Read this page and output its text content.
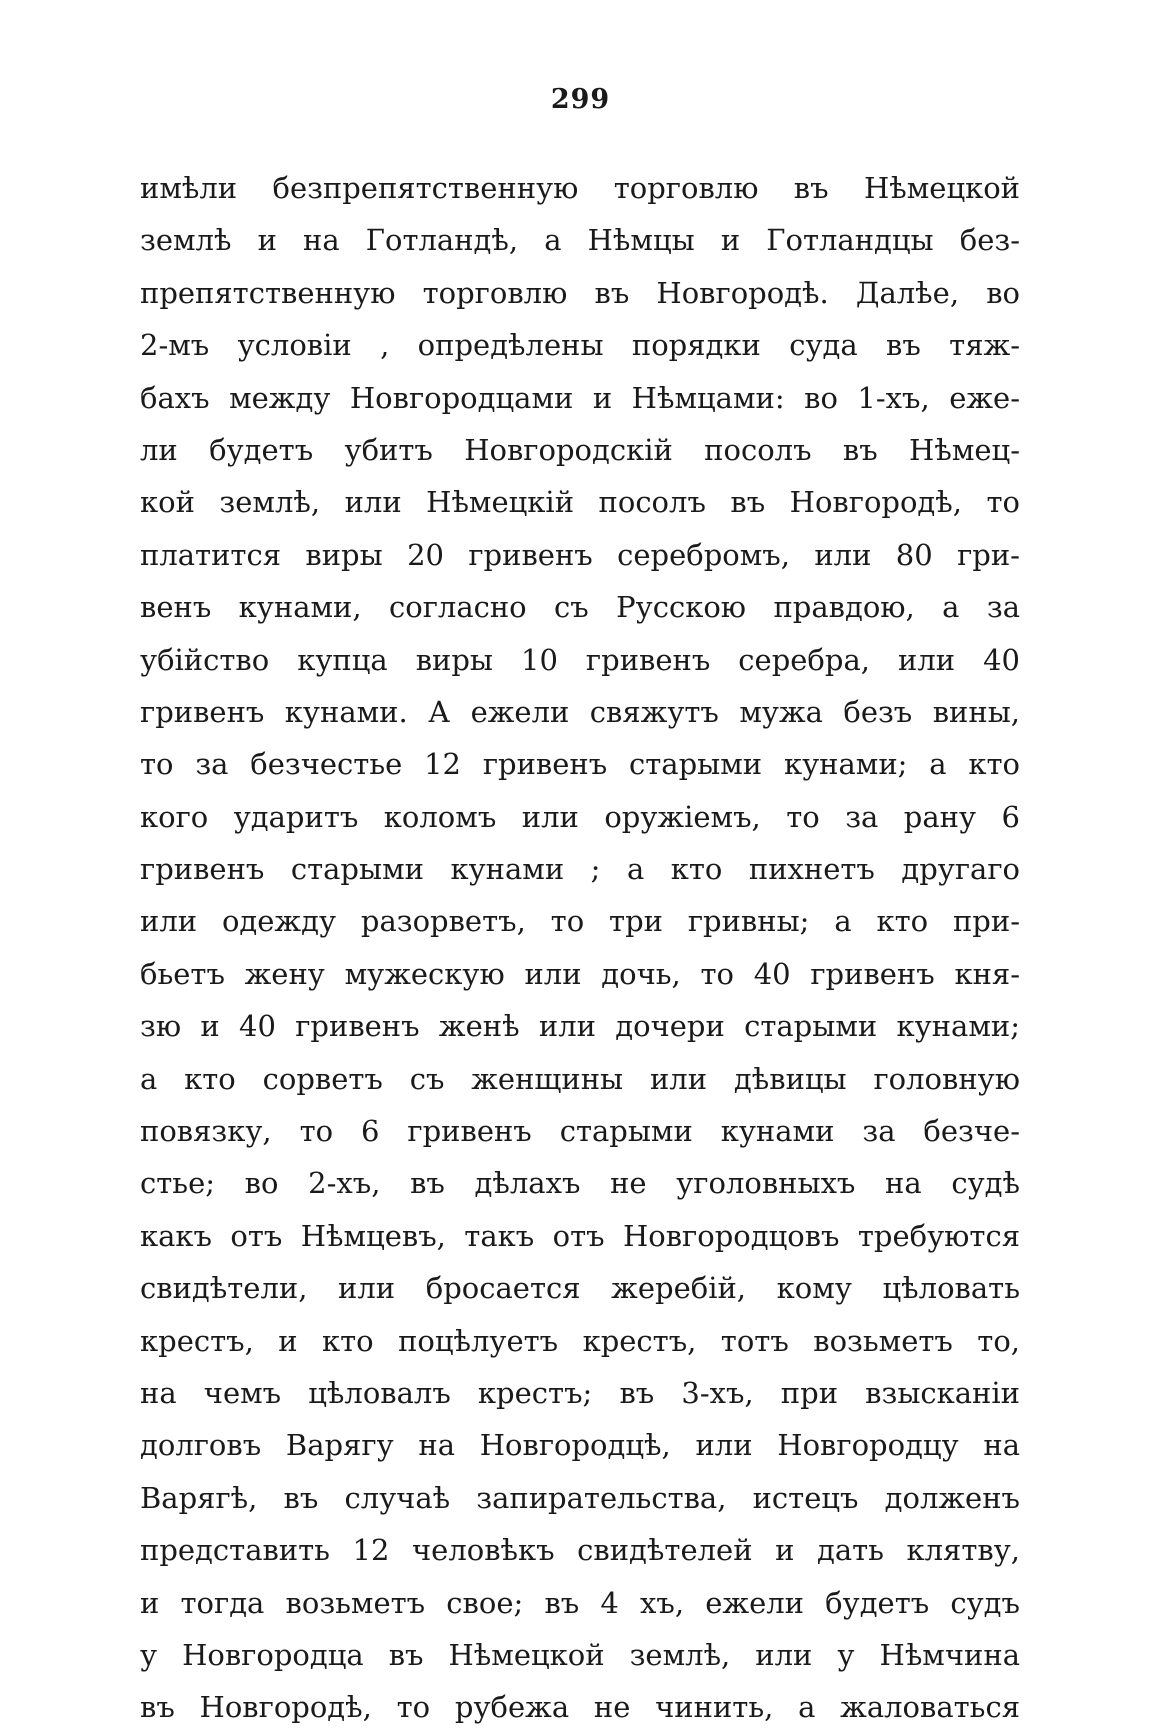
299
имѣли безпрепятственную торговлю въ Нѣмецкой
землѣ и на Готландѣ, а Нѣмцы и Готландцы без-
препятственную торговлю въ Новгородѣ. Далѣе, во
2-мъ условіи , опредѣлены порядки суда въ тяж-
бахъ между Новгородцами и Нѣмцами: во 1-хъ, еже-
ли будетъ убитъ Новгородскій посолъ въ Нѣмец-
кой землѣ, или Нѣмецкій посолъ въ Новгородѣ, то
платится виры 20 гривенъ серебромъ, или 80 гри-
венъ кунами, согласно съ Русскою правдою, а за
убійство купца виры 10 гривенъ серебра, или 40
гривенъ кунами. А ежели свяжутъ мужа безъ вины,
то за безчестье 12 гривенъ старыми кунами; а кто
кого ударитъ коломъ или оружіемъ, то за рану 6
гривенъ старыми кунами ; а кто пихнетъ другаго
или одежду разорветъ, то три гривны; а кто при-
бьетъ жену мужескую или дочь, то 40 гривенъ кня-
зю и 40 гривенъ женѣ или дочери старыми кунами;
а кто сорветъ съ женщины или дѣвицы головную
повязку, то 6 гривенъ старыми кунами за безче-
стье; во 2-хъ, въ дѣлахъ не уголовныхъ на судѣ
какъ отъ Нѣмцевъ, такъ отъ Новгородцовъ требуются
свидѣтели, или бросается жеребій, кому цѣловать
крестъ, и кто поцѣлуетъ крестъ, тотъ возьметъ то,
на чемъ цѣловалъ крестъ; въ 3-хъ, при взысканіи
долговъ Варягу на Новгородцѣ, или Новгородцу на
Варягѣ, въ случаѣ запирательства, истецъ долженъ
представить 12 человѣкъ свидѣтелей и дать клятву,
и тогда возьметъ свое; въ 4 хъ, ежели будетъ судъ
у Новгородца въ Нѣмецкой землѣ, или у Нѣмчина
въ Новгородѣ, то рубежа не чинить, а жаловаться
